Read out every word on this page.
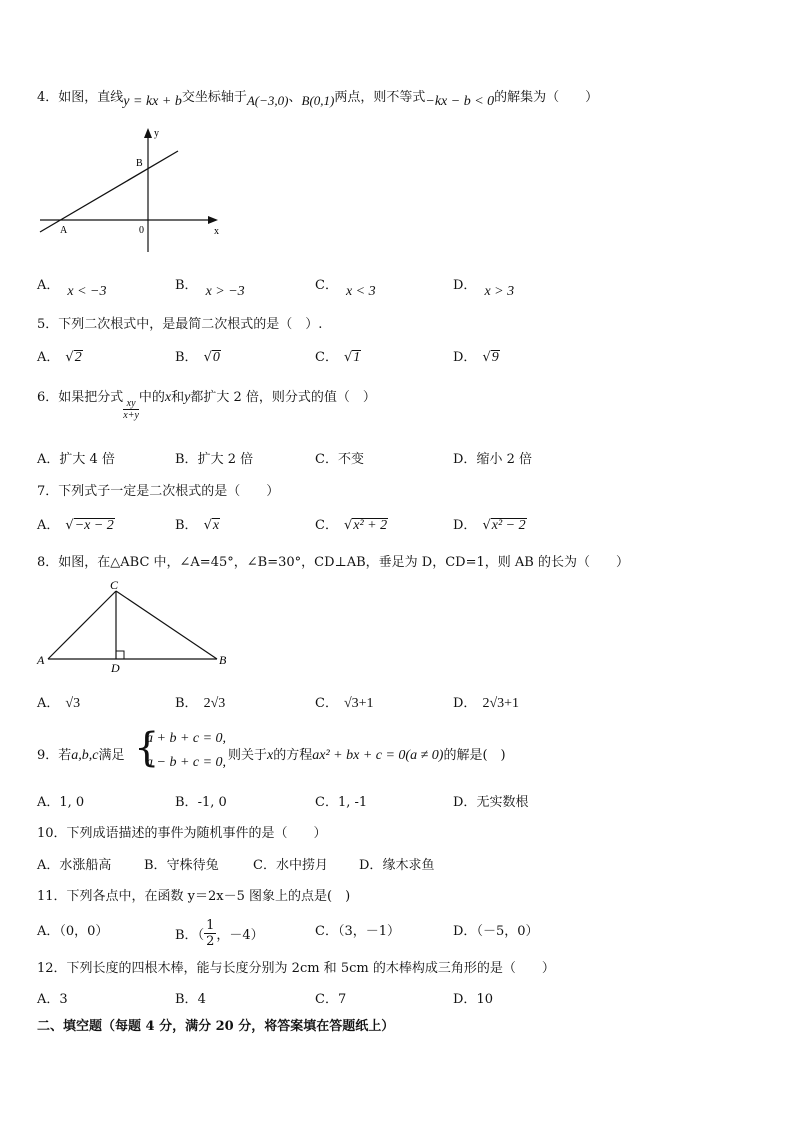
4．如图，直线y = kx + b交坐标轴于A(−3,0)、B(0,1)两点，则不等式−kx − b < 0的解集为（　　）
y
x
B
A	0
A． x < −3	B． x > −3	C． x < 3	D． x > 3
5．下列二次根式中，是最简二次根式的是（　）.
A． √2	B． √0	C． √1	D． √9
6．如果把分式
$\frac{xy}{x+y}$
中的x和y都扩大 2 倍，则分式的值（　）
A．扩大 4 倍	B．扩大 2 倍	C．不变	D．缩小 2 倍
7．下列式子一定是二次根式的是（　　）
A． √−x − 2	B． √x	C． √x² + 2	D． √x² − 2
8．如图，在△ABC 中，∠A=45°，∠B=30°，CD⊥AB，垂足为 D，CD=1，则 AB 的长为（　　）
A	B
C
D
A． √3	B． 2√3	C． √3+1	D． 2√3+1
9．若a,b,c满足 {
a + b + c = 0,
a − b + c = 0, 则关于x的方程ax² + bx + c = 0(a ≠ 0)的解是(　)
A．1, 0	B．-1, 0	C．1, -1	D．无实数根
10．下列成语描述的事件为随机事件的是（　　）
A．水涨船高	B．守株待兔	C．水中捞月 D．缘木求鱼
11．下列各点中，在函数 y＝2x－5 图象上的点是(　)
A．（0，0）	B．（ $\frac{1}{2}$ ，－4）	C．（3，－1）	D．（－5，0）
12．下列长度的四根木棒，能与长度分别为 2cm 和 5cm 的木棒构成三角形的是（　　）
A．3	B．4	C．7	D．10
二、填空题（每题 4 分，满分 20 分，将答案填在答题纸上）
